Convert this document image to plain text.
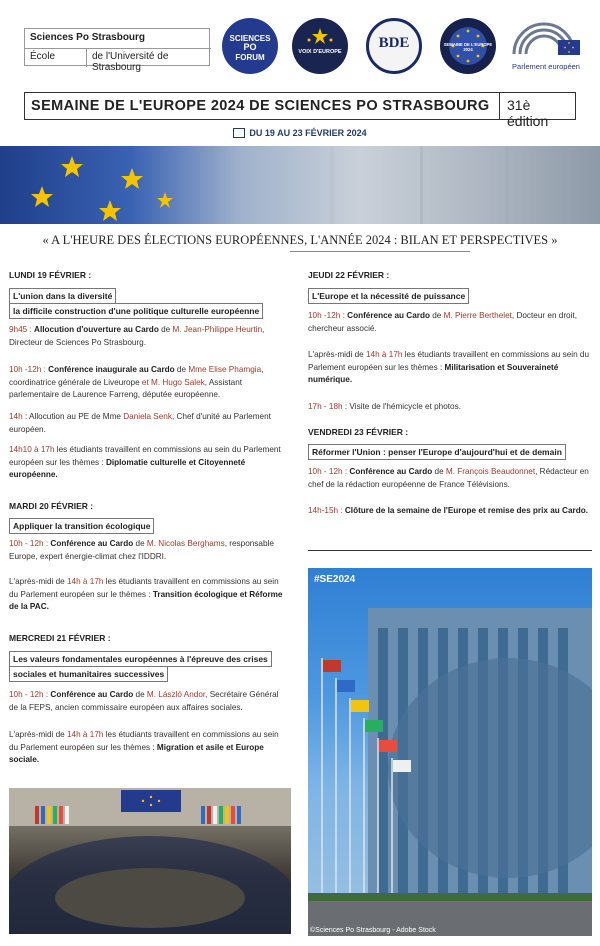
Sciences Po Strasbourg
École	de l'Université de Strasbourg
SCIENCES
PO
FORUM
VOIX D'EUROPE
BDE	SEMAINE DE L'EUROPE 2024
Parlement européen
SEMAINE DE L'EUROPE 2024 DE SCIENCES PO STRASBOURG 31è édition
DU 19 AU 23 FÉVRIER 2024
« A L'HEURE DES ÉLECTIONS EUROPÉENNES, L'ANNÉE 2024 : BILAN ET PERSPECTIVES »
LUNDI 19 FÉVRIER :
L'union dans la diversité
la difficile construction d'une politique culturelle européenne
9h45 : Allocution d'ouverture au Cardo de M. Jean-Philippe Heurtin, Directeur de Sciences Po Strasbourg.
10h -12h : Conférence inaugurale au Cardo de Mme Elise Phamgia, coordinatrice générale de Liveurope et M. Hugo Salek, Assistant parlementaire de Laurence Farreng, députée européenne.
14h : Allocution au PE de Mme Daniela Senk, Chef d'unité au Parlement européen.
14h10 à 17h les étudiants travaillent en commissions au sein du Parlement européen sur les thèmes : Diplomatie culturelle et Citoyenneté européenne.
MARDI 20 FÉVRIER :
Appliquer la transition écologique
10h - 12h : Conférence au Cardo de M. Nicolas Berghams, responsable Europe, expert énergie-climat chez l'IDDRI.
L'après-midi de 14h à 17h les étudiants travaillent en commissions au sein du Parlement européen sur le thèmes : Transition écologique et Réforme de la PAC.
MERCREDI 21 FÉVRIER :
Les valeurs fondamentales européennes à l'épreuve des crises
sociales et humanitaires successives
10h - 12h : Conférence au Cardo de M. László Andor, Secrétaire Général de la FEPS, ancien commissaire européen aux affaires sociales.
L'après-midi de 14h à 17h les étudiants travaillent en commissions au sein du Parlement européen sur les thèmes : Migration et asile et Europe sociale.
JEUDI 22 FÉVRIER :
L'Europe et la nécessité de puissance
10h -12h : Conférence au Cardo de M. Pierre Berthelet, Docteur en droit, chercheur associé.
L'après-midi de 14h à 17h les étudiants travaillent en commissions au sein du Parlement européen sur les thèmes : Militarisation et Souveraineté numérique.
17h - 18h : Visite de l'hémicycle et photos.
VENDREDI 23 FÉVRIER :
Réformer l'Union : penser l'Europe d'aujourd'hui et de demain
10h - 12h : Conférence au Cardo de M. François Beaudonnet, Rédacteur en chef de la rédaction européenne de France Télévisions.
14h-15h : Clôture de la semaine de l'Europe et remise des prix au Cardo.
#SE2024
©Sciences Po Strasbourg - Adobe Stock
